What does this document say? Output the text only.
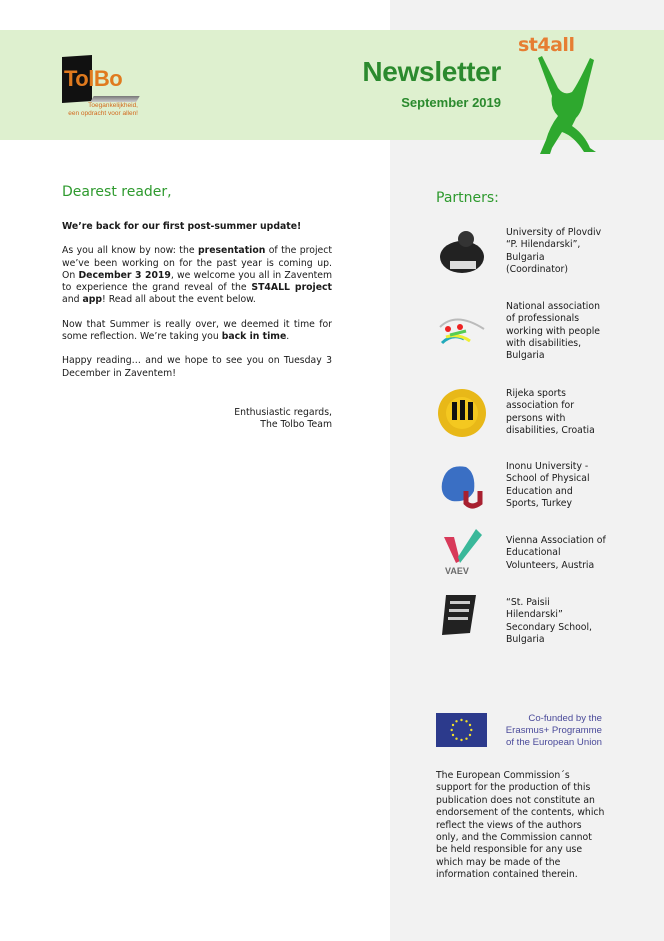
TolBo
Toegankelijkheid,
een opdracht voor allen!
Newsletter
September 2019
st4all
Dearest reader,

We’re back for our first post-summer update!

As you all know by now: the presentation of the project we’ve been working on for the past year is coming up. On December 3 2019, we welcome you all in Zaventem to experience the grand reveal of the ST4ALL project and app! Read all about the event below.

Now that Summer is really over, we deemed it time for some reflection. We’re taking you back in time.

Happy reading… and we hope to see you on Tuesday 3 December in Zaventem!

Enthusiastic regards,
The Tolbo Team
Partners:
University of Plovdiv “P. Hilendarski”, Bulgaria (Coordinator)
National association of professionals working with people with disabilities, Bulgaria
Rijeka sports association for persons with disabilities, Croatia
Inonu University - School of Physical Education and Sports, Turkey
VAEV
Vienna Association of Educational Volunteers, Austria
“St. Paisii Hilendarski” Secondary School, Bulgaria
Co-funded by the
Erasmus+ Programme
of the European Union
The European Commission´s support for the production of this publication does not constitute an endorsement of the contents, which reflect the views of the authors only, and the Commission cannot be held responsible for any use which may be made of the information contained therein.
